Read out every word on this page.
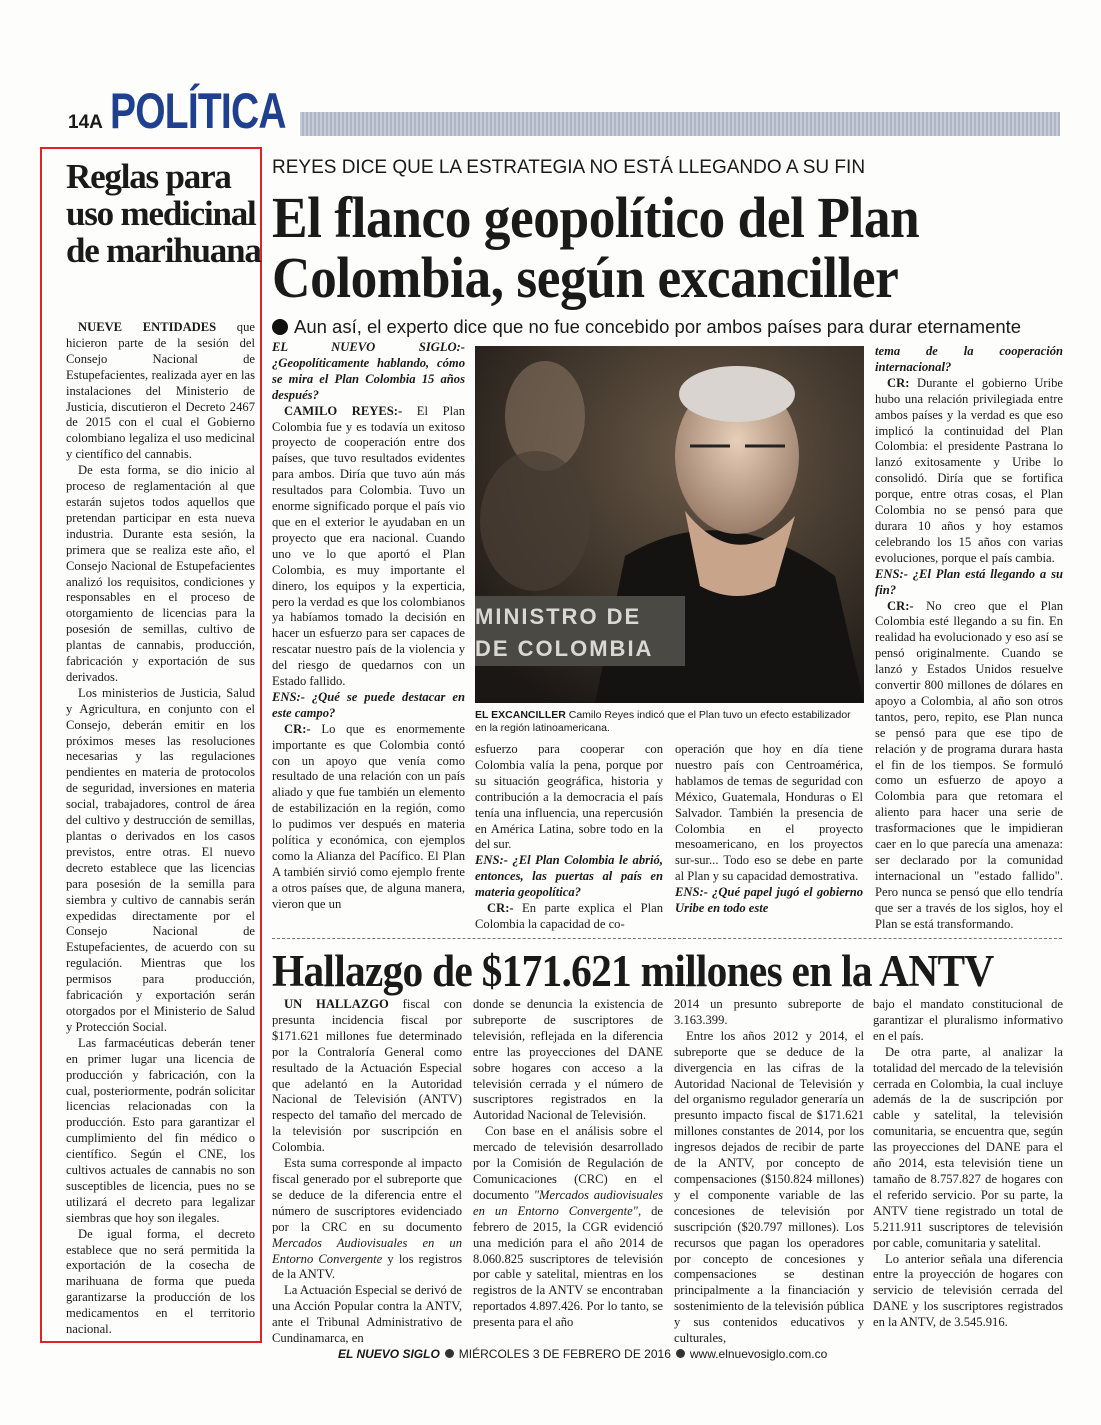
14A POLÍTICA
Reglas para uso medicinal de marihuana

NUEVE ENTIDADES que hicieron parte de la sesión del Consejo Nacional de Estupefacientes, realizada ayer en las instalaciones del Ministerio de Justicia, discutieron el Decreto 2467 de 2015 con el cual el Gobierno colombiano legaliza el uso medicinal y científico del cannabis.

De esta forma, se dio inicio al proceso de reglamentación al que estarán sujetos todos aquellos que pretendan participar en esta nueva industria. Durante esta sesión, la primera que se realiza este año, el Consejo Nacional de Estupefacientes analizó los requisitos, condiciones y responsables en el proceso de otorgamiento de licencias para la posesión de semillas, cultivo de plantas de cannabis, producción, fabricación y exportación de sus derivados.

Los ministerios de Justicia, Salud y Agricultura, en conjunto con el Consejo, deberán emitir en los próximos meses las resoluciones necesarias y las regulaciones pendientes en materia de protocolos de seguridad, inversiones en materia social, trabajadores, control de área del cultivo y destrucción de semillas, plantas o derivados en los casos previstos, entre otras. El nuevo decreto establece que las licencias para posesión de la semilla para siembra y cultivo de cannabis serán expedidas directamente por el Consejo Nacional de Estupefacientes, de acuerdo con su regulación. Mientras que los permisos para producción, fabricación y exportación serán otorgados por el Ministerio de Salud y Protección Social.

Las farmacéuticas deberán tener en primer lugar una licencia de producción y fabricación, con la cual, posteriormente, podrán solicitar licencias relacionadas con la producción. Esto para garantizar el cumplimiento del fin médico o científico. Según el CNE, los cultivos actuales de cannabis no son susceptibles de licencia, pues no se utilizará el decreto para legalizar siembras que hoy son ilegales.

De igual forma, el decreto establece que no será permitida la exportación de la cosecha de marihuana de forma que pueda garantizarse la producción de los medicamentos en el territorio nacional.

REYES DICE QUE LA ESTRATEGIA NO ESTÁ LLEGANDO A SU FIN
El flanco geopolítico del Plan Colombia, según excanciller
Aun así, el experto dice que no fue concebido por ambos países para durar eternamente

EL NUEVO SIGLO:- ¿Geopolíticamente hablando, cómo se mira el Plan Colombia 15 años después?

CAMILO REYES:- El Plan Colombia fue y es todavía un exitoso proyecto de cooperación entre dos países, que tuvo resultados evidentes para ambos. Diría que tuvo aún más resultados para Colombia. Tuvo un enorme significado porque el país vio que en el exterior le ayudaban en un proyecto que era nacional. Cuando uno ve lo que aportó el Plan Colombia, es muy importante el dinero, los equipos y la experticia, pero la verdad es que los colombianos ya habíamos tomado la decisión en hacer un esfuerzo para ser capaces de rescatar nuestro país de la violencia y del riesgo de quedarnos con un Estado fallido.

ENS:- ¿Qué se puede destacar en este campo?

CR:- Lo que es enormemente importante es que Colombia contó con un apoyo que venía como resultado de una relación con un país aliado y que fue también un elemento de estabilización en la región, como lo pudimos ver después en materia política y económica, con ejemplos como la Alianza del Pacífico. El Plan A también sirvió como ejemplo frente a otros países que, de alguna manera, vieron que un

MINISTRO DE
DE COLOMBIA
EL EXCANCILLER Camilo Reyes indicó que el Plan tuvo un efecto estabilizador en la región latinoamericana.

esfuerzo para cooperar con Colombia valía la pena, porque por su situación geográfica, historia y contribución a la democracia el país tenía una influencia, una repercusión en América Latina, sobre todo en la del sur.

ENS:- ¿El Plan Colombia le abrió, entonces, las puertas al país en materia geopolítica?

CR:- En parte explica el Plan Colombia la capacidad de co-

operación que hoy en día tiene nuestro país con Centroamérica, hablamos de temas de seguridad con México, Guatemala, Honduras o El Salvador. También la presencia de Colombia en el proyecto mesoamericano, en los proyectos sur-sur... Todo eso se debe en parte al Plan y su capacidad demostrativa.

ENS:- ¿Qué papel jugó el gobierno Uribe en todo este

tema de la cooperación internacional?

CR: Durante el gobierno Uribe hubo una relación privilegiada entre ambos países y la verdad es que eso implicó la continuidad del Plan Colombia: el presidente Pastrana lo lanzó exitosamente y Uribe lo consolidó. Diría que se fortifica porque, entre otras cosas, el Plan Colombia no se pensó para que durara 10 años y hoy estamos celebrando los 15 años con varias evoluciones, porque el país cambia.

ENS:- ¿El Plan está llegando a su fin?

CR:- No creo que el Plan Colombia esté llegando a su fin. En realidad ha evolucionado y eso así se pensó originalmente. Cuando se lanzó y Estados Unidos resuelve convertir 800 millones de dólares en apoyo a Colombia, al año son otros tantos, pero, repito, ese Plan nunca se pensó para que ese tipo de relación y de programa durara hasta el fin de los tiempos. Se formuló como un esfuerzo de apoyo a Colombia para que retomara el aliento para hacer una serie de trasformaciones que le impidieran caer en lo que parecía una amenaza: ser declarado por la comunidad internacional un "estado fallido". Pero nunca se pensó que ello tendría que ser a través de los siglos, hoy el Plan se está transformando.

Hallazgo de $171.621 millones en la ANTV

UN HALLAZGO fiscal con presunta incidencia fiscal por $171.621 millones fue determinado por la Contraloría General como resultado de la Actuación Especial que adelantó en la Autoridad Nacional de Televisión (ANTV) respecto del tamaño del mercado de la televisión por suscripción en Colombia.

Esta suma corresponde al impacto fiscal generado por el subreporte que se deduce de la diferencia entre el número de suscriptores evidenciado por la CRC en su documento Mercados Audiovisuales en un Entorno Convergente y los registros de la ANTV.

La Actuación Especial se derivó de una Acción Popular contra la ANTV, ante el Tribunal Administrativo de Cundinamarca, en

donde se denuncia la existencia de subreporte de suscriptores de televisión, reflejada en la diferencia entre las proyecciones del DANE sobre hogares con acceso a la televisión cerrada y el número de suscriptores registrados en la Autoridad Nacional de Televisión.

Con base en el análisis sobre el mercado de televisión desarrollado por la Comisión de Regulación de Comunicaciones (CRC) en el documento "Mercados audiovisuales en un Entorno Convergente", de febrero de 2015, la CGR evidenció una medición para el año 2014 de 8.060.825 suscriptores de televisión por cable y satelital, mientras en los registros de la ANTV se encontraban reportados 4.897.426. Por lo tanto, se presenta para el año

2014 un presunto subreporte de 3.163.399.

Entre los años 2012 y 2014, el subreporte que se deduce de la divergencia en las cifras de la Autoridad Nacional de Televisión y del organismo regulador generaría un presunto impacto fiscal de $171.621 millones constantes de 2014, por los ingresos dejados de recibir de parte de la ANTV, por concepto de compensaciones ($150.824 millones) y el componente variable de las concesiones de televisión por suscripción ($20.797 millones). Los recursos que pagan los operadores por concepto de concesiones y compensaciones se destinan principalmente a la financiación y sostenimiento de la televisión pública y sus contenidos educativos y culturales,

bajo el mandato constitucional de garantizar el pluralismo informativo en el país.

De otra parte, al analizar la totalidad del mercado de la televisión cerrada en Colombia, la cual incluye además de la de suscripción por cable y satelital, la televisión comunitaria, se encuentra que, según las proyecciones del DANE para el año 2014, esta televisión tiene un tamaño de 8.757.827 de hogares con el referido servicio. Por su parte, la ANTV tiene registrado un total de 5.211.911 suscriptores de televisión por cable, comunitaria y satelital.

Lo anterior señala una diferencia entre la proyección de hogares con servicio de televisión cerrada del DANE y los suscriptores registrados en la ANTV, de 3.545.916.

EL NUEVO SIGLO MIÉRCOLES 3 DE FEBRERO DE 2016 www.elnuevosiglo.com.co
